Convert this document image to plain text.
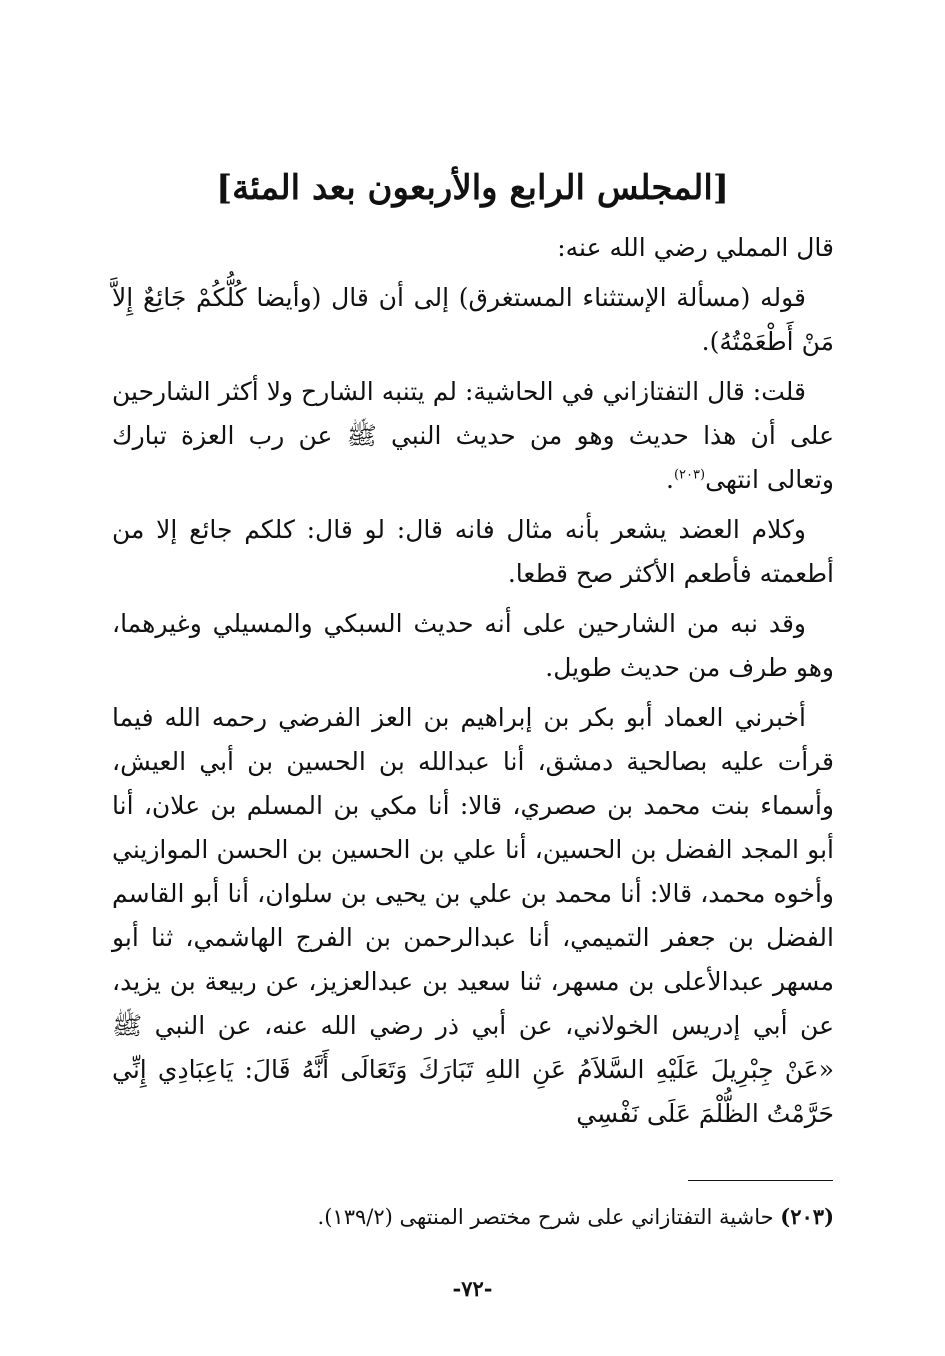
[المجلس الرابع والأربعون بعد المئة]

قال المملي رضي الله عنه:

قوله (مسألة الإستثناء المستغرق) إلى أن قال (وأيضا كُلُّكُمْ جَائِعٌ إِلاَّ مَنْ أَطْعَمْتُهُ).

قلت: قال التفتازاني في الحاشية: لم يتنبه الشارح ولا أكثر الشارحين على أن هذا حديث وهو من حديث النبي ﷺ عن رب العزة تبارك وتعالى انتهى$^{(٢٠٣)}$.

وكلام العضد يشعر بأنه مثال فانه قال: لو قال: كلكم جائع إلا من أطعمته فأطعم الأكثر صح قطعا.

وقد نبه من الشارحين على أنه حديث السبكي والمسيلي وغيرهما، وهو طرف من حديث طويل.

أخبرني العماد أبو بكر بن إبراهيم بن العز الفرضي رحمه الله فيما قرأت عليه بصالحية دمشق، أنا عبدالله بن الحسين بن أبي العيش، وأسماء بنت محمد بن صصري، قالا: أنا مكي بن المسلم بن علان، أنا أبو المجد الفضل بن الحسين، أنا علي بن الحسين بن الحسن الموازيني وأخوه محمد، قالا: أنا محمد بن علي بن يحيى بن سلوان، أنا أبو القاسم الفضل بن جعفر التميمي، أنا عبدالرحمن بن الفرج الهاشمي، ثنا أبو مسهر عبدالأعلى بن مسهر، ثنا سعيد بن عبدالعزيز، عن ربيعة بن يزيد، عن أبي إدريس الخولاني، عن أبي ذر رضي الله عنه، عن النبي ﷺ «عَنْ جِبْرِيلَ عَلَيْهِ السَّلاَمُ عَنِ اللهِ تَبَارَكَ وَتَعَالَى أَنَّهُ قَالَ: يَاعِبَادِي إِنِّي حَرَّمْتُ الظُّلْمَ عَلَى نَفْسِي

(٢٠٣) حاشية التفتازاني على شرح مختصر المنتهى (١٣٩/٢).
-٧٢-
